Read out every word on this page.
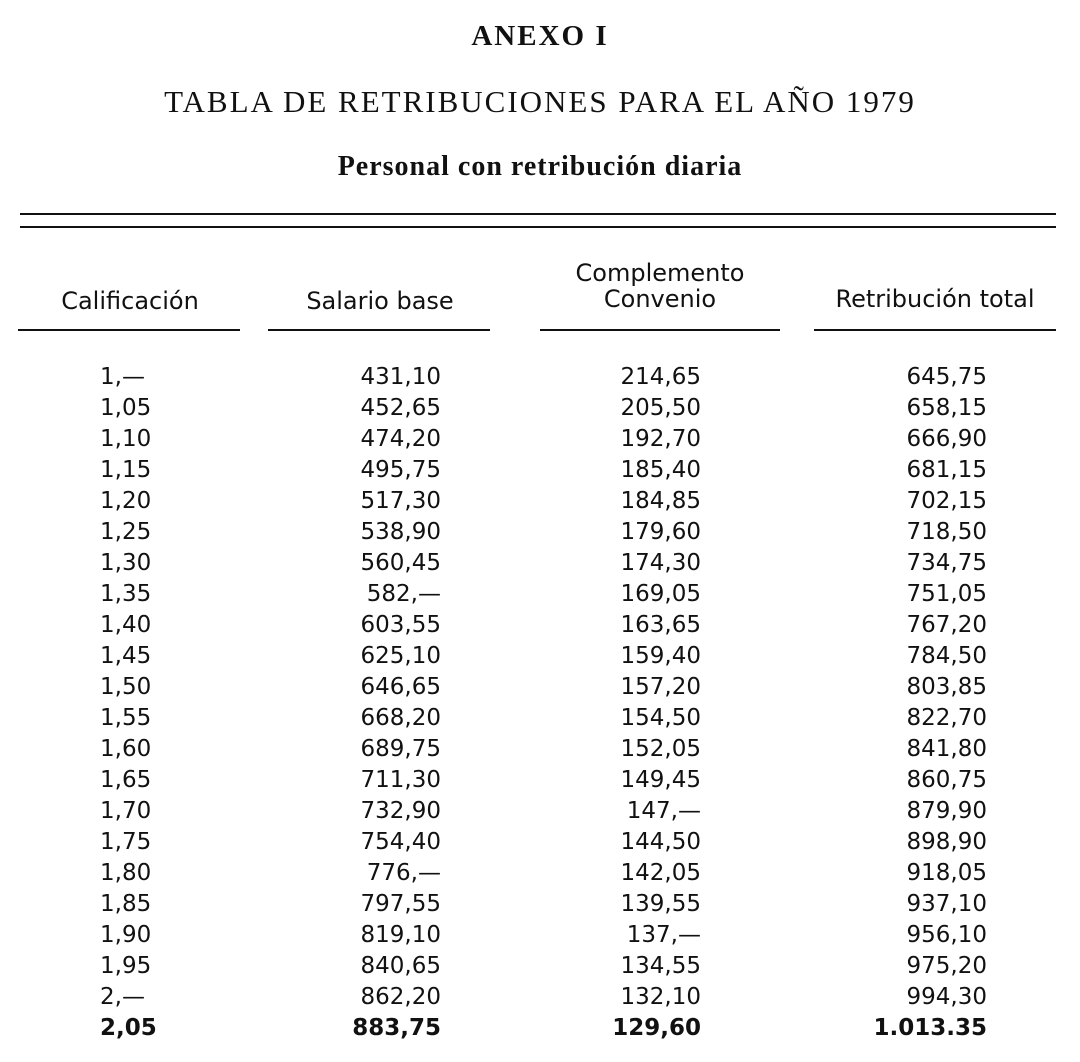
ANEXO I
TABLA DE RETRIBUCIONES PARA EL AÑO 1979
Personal con retribución diaria
Calificación	Salario base
Complemento
Convenio	Retribución total
1,—
1,05
1,10
1,15
1,20
1,25
1,30
1,35
1,40
1,45
1,50
1,55
1,60
1,65
1,70
1,75
1,80
1,85
1,90
1,95
2,—
2,05
431,10
452,65
474,20
495,75
517,30
538,90
560,45
582,—
603,55
625,10
646,65
668,20
689,75
711,30
732,90
754,40
776,—
797,55
819,10
840,65
862,20
883,75
214,65
205,50
192,70
185,40
184,85
179,60
174,30
169,05
163,65
159,40
157,20
154,50
152,05
149,45
147,—
144,50
142,05
139,55
137,—
134,55
132,10
129,60
645,75
658,15
666,90
681,15
702,15
718,50
734,75
751,05
767,20
784,50
803,85
822,70
841,80
860,75
879,90
898,90
918,05
937,10
956,10
975,20
994,30
1.013.35
